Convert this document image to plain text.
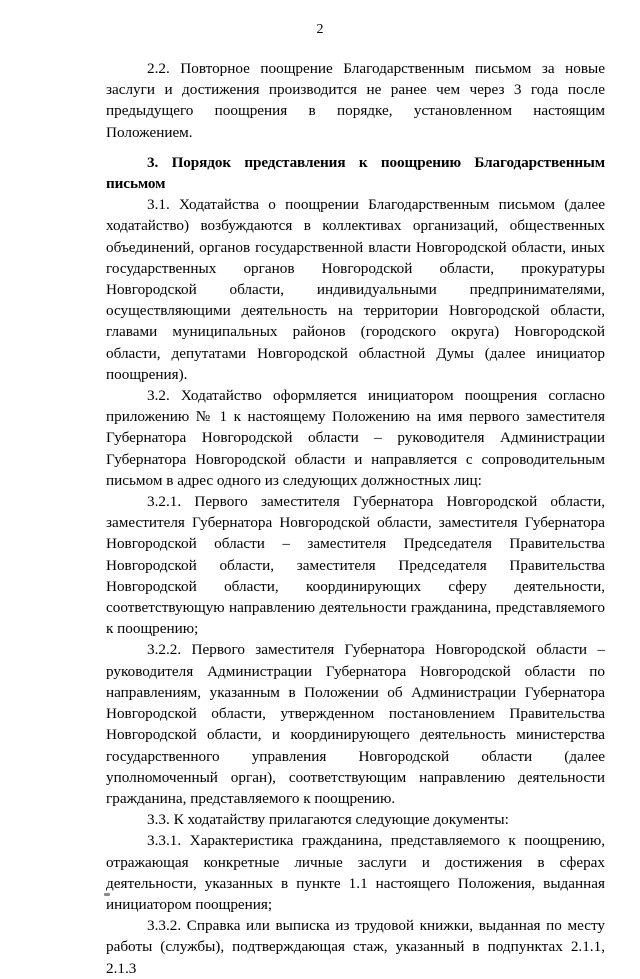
2

2.2. Повторное поощрение Благодарственным письмом за новые заслуги и достижения производится не ранее чем через 3 года после предыдущего поощрения в порядке, установленном настоящим Положением.

3. Порядок представления к поощрению Благодарственным письмом

3.1. Ходатайства о поощрении Благодарственным письмом (далее ходатайство) возбуждаются в коллективах организаций, общественных объединений, органов государственной власти Новгородской области, иных государственных органов Новгородской области, прокуратуры Новгородской области, индивидуальными предпринимателями, осуществляющими деятельность на территории Новгородской области, главами муниципальных районов (городского округа) Новгородской области, депутатами Новгородской областной Думы (далее инициатор поощрения).

3.2. Ходатайство оформляется инициатором поощрения согласно приложению № 1 к настоящему Положению на имя первого заместителя Губернатора Новгородской области – руководителя Администрации Губернатора Новгородской области и направляется с сопроводительным письмом в адрес одного из следующих должностных лиц:

3.2.1. Первого заместителя Губернатора Новгородской области, заместителя Губернатора Новгородской области, заместителя Губернатора Новгородской области – заместителя Председателя Правительства Новгородской области, заместителя Председателя Правительства Новгородской области, координирующих сферу деятельности, соответствующую направлению деятельности гражданина, представляемого к поощрению;

3.2.2. Первого заместителя Губернатора Новгородской области – руководителя Администрации Губернатора Новгородской области по направлениям, указанным в Положении об Администрации Губернатора Новгородской области, утвержденном постановлением Правительства Новгородской области, и координирующего деятельность министерства государственного управления Новгородской области (далее уполномоченный орган), соответствующим направлению деятельности гражданина, представляемого к поощрению.

3.3. К ходатайству прилагаются следующие документы:

3.3.1. Характеристика гражданина, представляемого к поощрению, отражающая конкретные личные заслуги и достижения в сферах деятельности, указанных в пункте 1.1 настоящего Положения, выданная инициатором поощрения;

3.3.2. Справка или выписка из трудовой книжки, выданная по месту работы (службы), подтверждающая стаж, указанный в подпунктах 2.1.1, 2.1.3
